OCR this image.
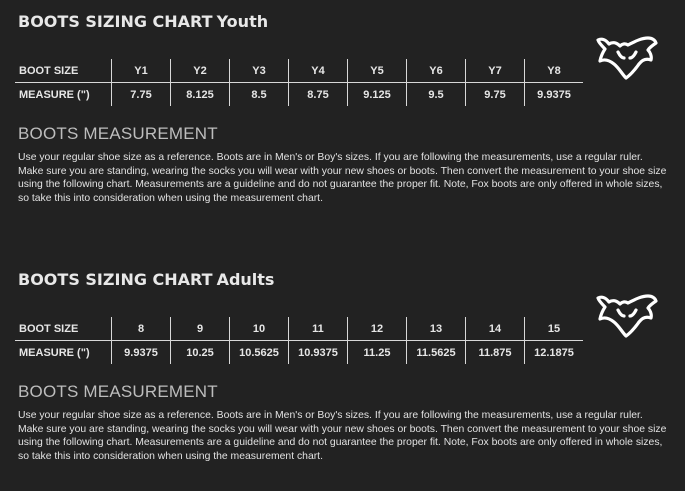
BOOTS SIZING CHART Youth
BOOT SIZE	Y1	Y2	Y3	Y4	Y5	Y6	Y7	Y8
MEASURE (")	7.75	8.125	8.5	8.75	9.125	9.5	9.75	9.9375
BOOTS MEASUREMENT
Use your regular shoe size as a reference. Boots are in Men's or Boy's sizes. If you are following the measurements, use a regular ruler. Make sure you are standing, wearing the socks you will wear with your new shoes or boots. Then convert the measurement to your shoe size using the following chart. Measurements are a guideline and do not guarantee the proper fit. Note, Fox boots are only offered in whole sizes, so take this into consideration when using the measurement chart.
BOOTS SIZING CHART Adults
BOOT SIZE	8	9	10	11	12	13	14	15
MEASURE (")	9.9375	10.25	10.5625	10.9375	11.25	11.5625	11.875	12.1875
BOOTS MEASUREMENT
Use your regular shoe size as a reference. Boots are in Men's or Boy's sizes. If you are following the measurements, use a regular ruler. Make sure you are standing, wearing the socks you will wear with your new shoes or boots. Then convert the measurement to your shoe size using the following chart. Measurements are a guideline and do not guarantee the proper fit. Note, Fox boots are only offered in whole sizes, so take this into consideration when using the measurement chart.
